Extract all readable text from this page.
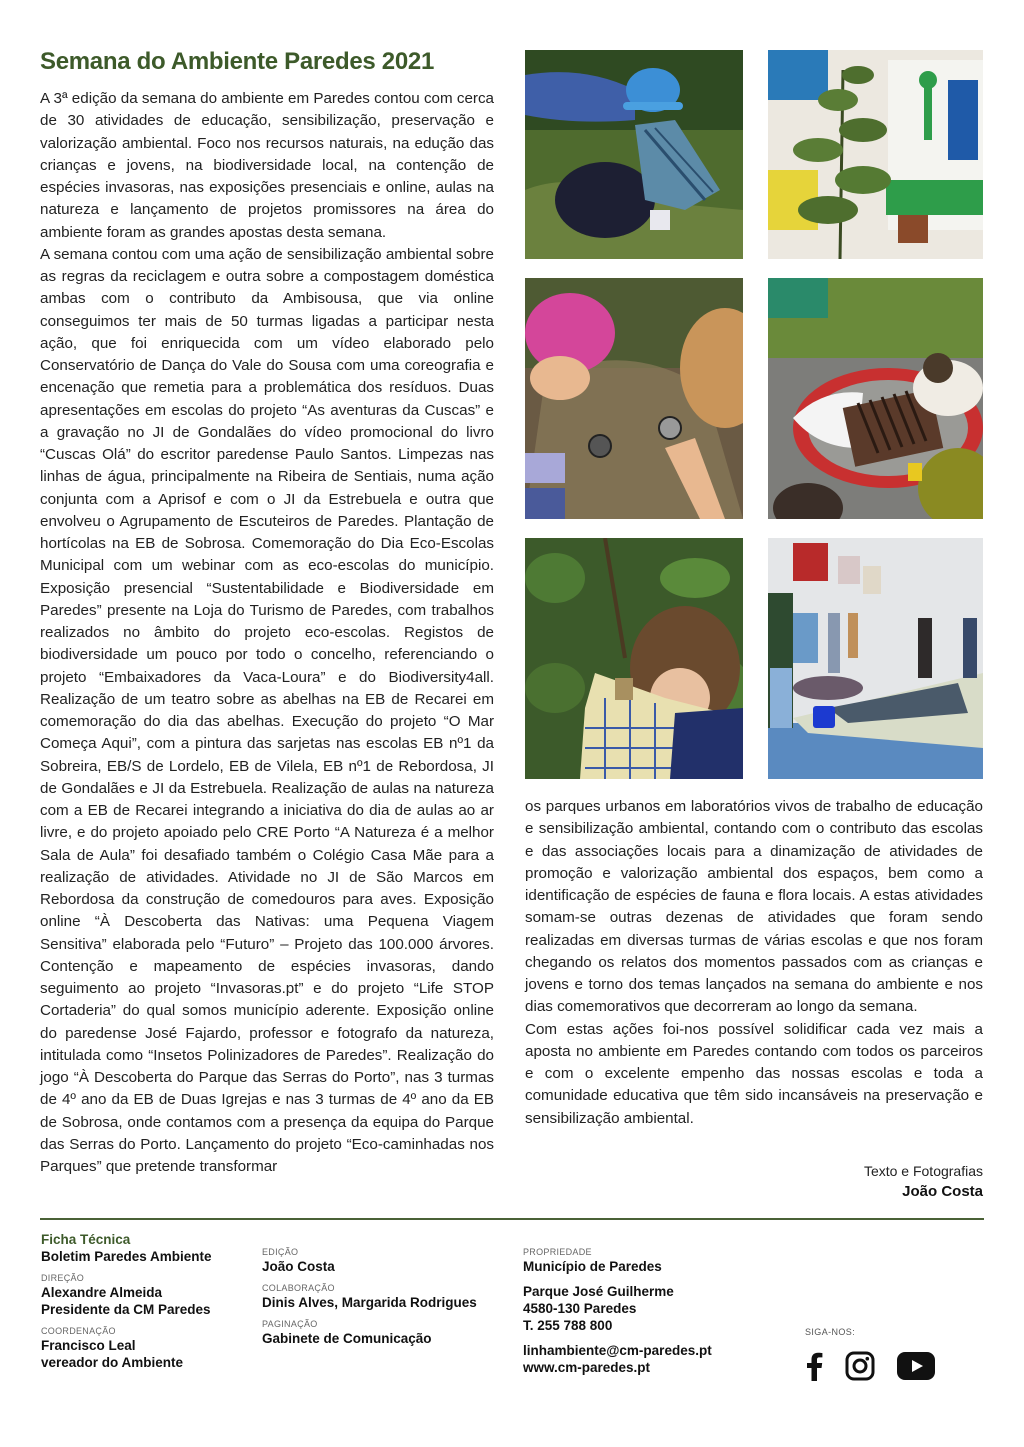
Semana do Ambiente Paredes 2021

A 3ª edição da semana do ambiente em Paredes contou com cerca de 30 atividades de educação, sensibilização, preservação e valorização ambiental. Foco nos recursos naturais, na edução das crianças e jovens, na biodiversidade local, na contenção de espécies invasoras, nas exposições presenciais e online, aulas na natureza e lançamento de projetos promissores na área do ambiente foram as grandes apostas desta semana.

A semana contou com uma ação de sensibilização ambiental sobre as regras da reciclagem e outra sobre a compostagem doméstica ambas com o contributo da Ambisousa, que via online conseguimos ter mais de 50 turmas ligadas a participar nesta ação, que foi enriquecida com um vídeo elaborado pelo Conservatório de Dança do Vale do Sousa com uma coreografia e encenação que remetia para a problemática dos resíduos. Duas apresentações em escolas do projeto “As aventuras da Cuscas” e a gravação no JI de Gondalães do vídeo promocional do livro “Cuscas Olá” do escritor paredense Paulo Santos. Limpezas nas linhas de água, principalmente na Ribeira de Sentiais, numa ação conjunta com a Aprisof e com o JI da Estrebuela e outra que envolveu o Agrupamento de Escuteiros de Paredes. Plantação de hortícolas na EB de Sobrosa. Comemoração do Dia Eco-Escolas Municipal com um webinar com as eco-escolas do município. Exposição presencial “Sustentabilidade e Biodiversidade em Paredes” presente na Loja do Turismo de Paredes, com trabalhos realizados no âmbito do projeto eco-escolas. Registos de biodiversidade um pouco por todo o concelho, referenciando o projeto “Embaixadores da Vaca-Loura” e do Biodiversity4all. Realização de um teatro sobre as abelhas na EB de Recarei em comemoração do dia das abelhas. Execução do projeto “O Mar Começa Aqui”, com a pintura das sarjetas nas escolas EB nº1 da Sobreira, EB/S de Lordelo, EB de Vilela, EB nº1 de Rebordosa, JI de Gondalães e JI da Estrebuela. Realização de aulas na natureza com a EB de Recarei integrando a iniciativa do dia de aulas ao ar livre, e do projeto apoiado pelo CRE Porto “A Natureza é a melhor Sala de Aula” foi desafiado também o Colégio Casa Mãe para a realização de atividades. Atividade no JI de São Marcos em Rebordosa da construção de comedouros para aves. Exposição online “À Descoberta das Nativas: uma Pequena Viagem Sensitiva” elaborada pelo “Futuro” – Projeto das 100.000 árvores. Contenção e mapeamento de espécies invasoras, dando seguimento ao projeto “Invasoras.pt” e do projeto “Life STOP Cortaderia” do qual somos município aderente. Exposição online do paredense José Fajardo, professor e fotografo da natureza, intitulada como “Insetos Polinizadores de Paredes”. Realização do jogo “À Descoberta do Parque das Serras do Porto”, nas 3 turmas de 4º ano da EB de Duas Igrejas e nas 3 turmas de 4º ano da EB de Sobrosa, onde contamos com a presença da equipa do Parque das Serras do Porto. Lançamento do projeto “Eco-caminhadas nos Parques” que pretende transformar

os parques urbanos em laboratórios vivos de trabalho de educação e sensibilização ambiental, contando com o contributo das escolas e das associações locais para a dinamização de atividades de promoção e valorização ambiental dos espaços, bem como a identificação de espécies de fauna e flora locais. A estas atividades somam-se outras dezenas de atividades que foram sendo realizadas em diversas turmas de várias escolas e que nos foram chegando os relatos dos momentos passados com as crianças e jovens e torno dos temas lançados na semana do ambiente e nos dias comemorativos que decorreram ao longo da semana.

Com estas ações foi-nos possível solidificar cada vez mais a aposta no ambiente em Paredes contando com todos os parceiros e com o excelente empenho das nossas escolas e toda a comunidade educativa que têm sido incansáveis na preservação e sensibilização ambiental.

Texto e Fotografias
João Costa
Ficha Técnica
Boletim Paredes Ambiente
DIREÇÃO
Alexandre Almeida
Presidente da CM Paredes
COORDENAÇÃO
Francisco Leal
vereador do Ambiente
EDIÇÃO
João Costa
COLABORAÇÃO
Dinis Alves, Margarida Rodrigues
PAGINAÇÃO
Gabinete de Comunicação
PROPRIEDADE
Município de Paredes
Parque José Guilherme
4580-130 Paredes
T. 255 788 800
linhambiente@cm-paredes.pt
www.cm-paredes.pt
SIGA-NOS:
